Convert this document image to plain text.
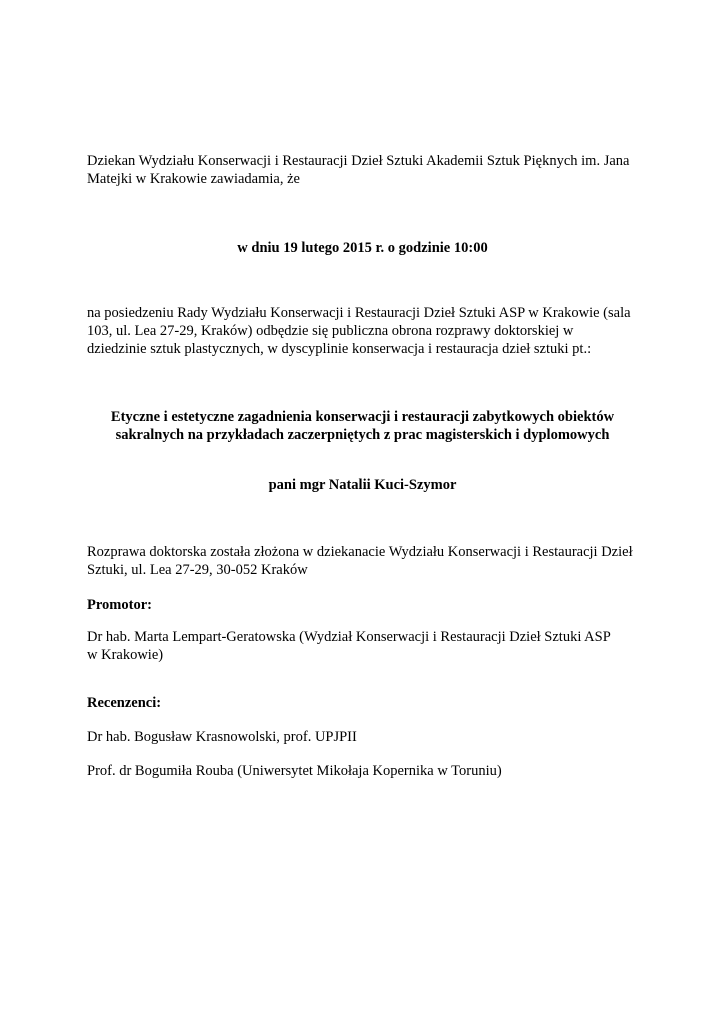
Dziekan Wydziału Konserwacji i Restauracji Dzieł Sztuki Akademii Sztuk Pięknych im. Jana
Matejki w Krakowie zawiadamia, że

w dniu 19 lutego 2015 r. o godzinie 10:00

na posiedzeniu Rady Wydziału Konserwacji i Restauracji Dzieł Sztuki ASP w Krakowie (sala
103, ul. Lea 27-29, Kraków) odbędzie się publiczna obrona rozprawy doktorskiej w
dziedzinie sztuk plastycznych, w dyscyplinie konserwacja i restauracja dzieł sztuki pt.:

Etyczne i estetyczne zagadnienia konserwacji i restauracji zabytkowych obiektów
sakralnych na przykładach zaczerpniętych z prac magisterskich i dyplomowych

pani mgr Natalii Kuci-Szymor

Rozprawa doktorska została złożona w dziekanacie Wydziału Konserwacji i Restauracji Dzieł
Sztuki, ul. Lea 27-29, 30-052 Kraków

Promotor:

Dr hab. Marta Lempart-Geratowska (Wydział Konserwacji i Restauracji Dzieł Sztuki ASP
w Krakowie)

Recenzenci:

Dr hab. Bogusław Krasnowolski, prof. UPJPII

Prof. dr Bogumiła Rouba (Uniwersytet Mikołaja Kopernika w Toruniu)
